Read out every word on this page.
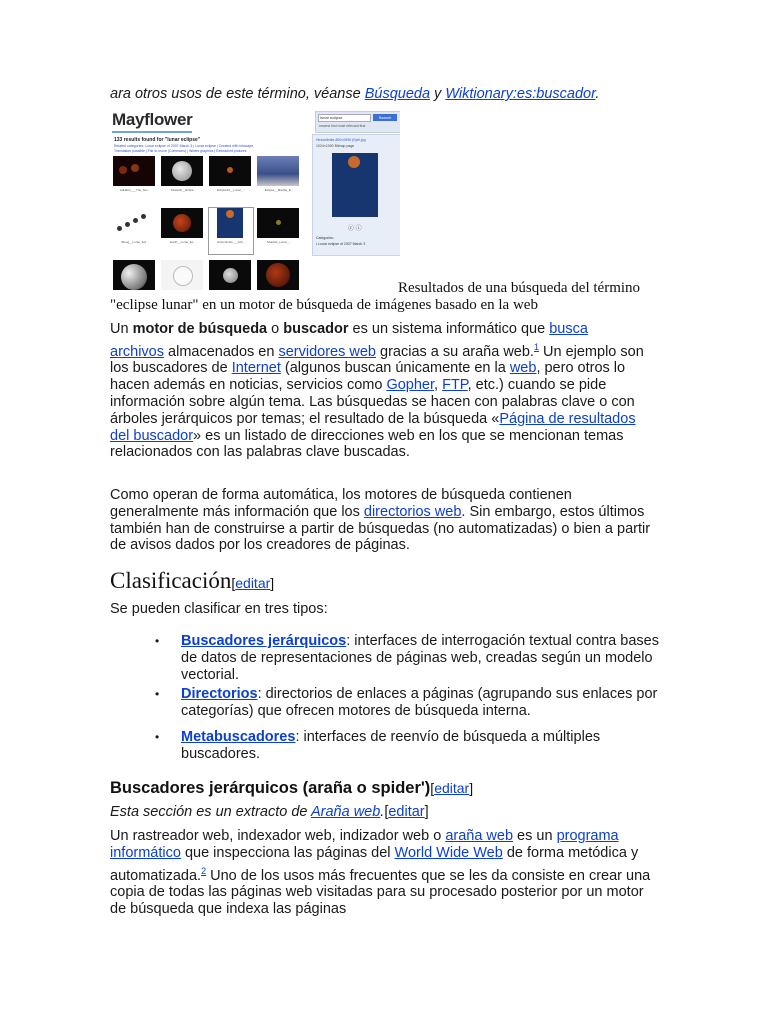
ara otros usos de este término, véanse Búsqueda y Wiktionary:es:buscador.
Mayflower	lunar eclipse	Search
newest first most relevant first
133 results found for "lunar eclipse"
Related categories: Lunar eclipse of 2007 March 3 | Lunar eclipse | Created with inkscape
Translation possible | File to move (Commons) | Winter graphics | Retouched pictures
AdHEnn___The_bus...	Totaleclit__Eclips...	Eclipse43__Lunar_...	Eclipse__Martha_E...
Bloog__Lunar_Ecl...	Earth__Lunar_Ec...	Hirsonlimite___sith...	Shadow_Lunar_...
Hirsonlimite-800×0999 (Kjell.jpg
1024×1000 Bitmap page
ⓒ ⓘ
Categories:
• Lunar eclipse of 2007 March 3
Resultados de una búsqueda del término
"eclipse lunar" en un motor de búsqueda de imágenes basado en la web
Un motor de búsqueda o buscador es un sistema informático que busca archivos almacenados en servidores web gracias a su araña web.$^1$ Un ejemplo son los buscadores de Internet (algunos buscan únicamente en la web, pero otros lo hacen además en noticias, servicios como Gopher, FTP, etc.) cuando se pide información sobre algún tema. Las búsquedas se hacen con palabras clave o con árboles jerárquicos por temas; el resultado de la búsqueda «Página de resultados del buscador» es un listado de direcciones web en los que se mencionan temas relacionados con las palabras clave buscadas.
Como operan de forma automática, los motores de búsqueda contienen generalmente más información que los directorios web. Sin embargo, estos últimos también han de construirse a partir de búsquedas (no automatizadas) o bien a partir de avisos dados por los creadores de páginas.
Clasificación[editar]
Se pueden clasificar en tres tipos:
• Buscadores jerárquicos: interfaces de interrogación textual contra bases de datos de representaciones de páginas web, creadas según un modelo vectorial.
• Directorios: directorios de enlaces a páginas (agrupando sus enlaces por categorías) que ofrecen motores de búsqueda interna.
• Metabuscadores: interfaces de reenvío de búsqueda a múltiples buscadores.
Buscadores jerárquicos (araña o spider')[editar]
Esta sección es un extracto de Araña web.[editar]
Un rastreador web, indexador web, indizador web o araña web es un programa informático que inspecciona las páginas del World Wide Web de forma metódica y automatizada.$^2$ Uno de los usos más frecuentes que se les da consiste en crear una copia de todas las páginas web visitadas para su procesado posterior por un motor de búsqueda que indexa las páginas
